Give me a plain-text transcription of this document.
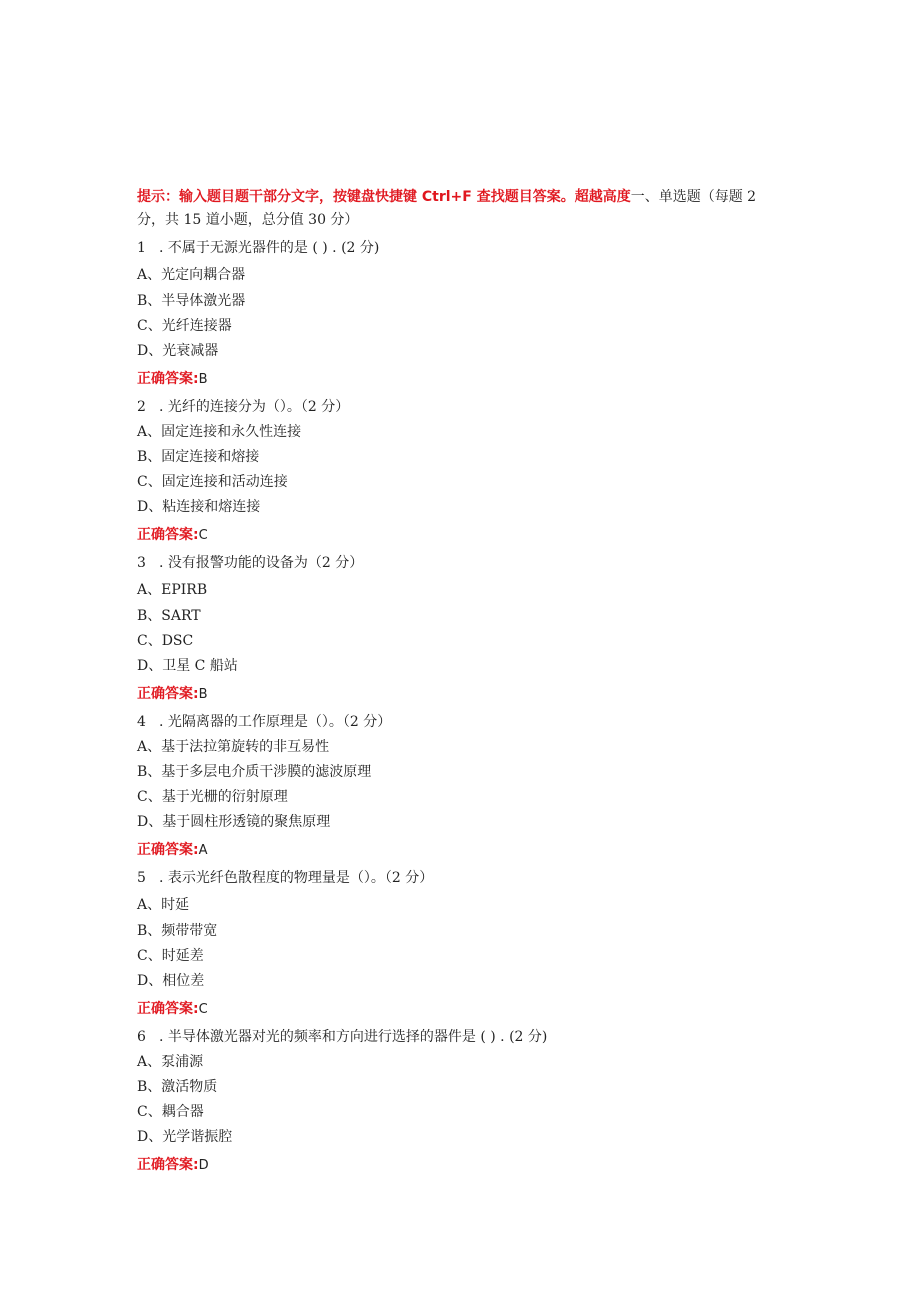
提示：输入题目题干部分文字，按键盘快捷键 Ctrl+F 查找题目答案。超越高度一、单选题（每题 2 分，共 15 道小题，总分值 30 分）
1 . 不属于无源光器件的是 ( ) . (2 分)
A、光定向耦合器
B、半导体激光器
C、光纤连接器
D、光衰减器
正确答案:B
2 . 光纤的连接分为（）。（2 分）
A、固定连接和永久性连接
B、固定连接和熔接
C、固定连接和活动连接
D、粘连接和熔连接
正确答案:C
3 . 没有报警功能的设备为（2 分）
A、EPIRB
B、SART
C、DSC
D、卫星 C 船站
正确答案:B
4 . 光隔离器的工作原理是（）。（2 分）
A、基于法拉第旋转的非互易性
B、基于多层电介质干涉膜的滤波原理
C、基于光栅的衍射原理
D、基于圆柱形透镜的聚焦原理
正确答案:A
5 . 表示光纤色散程度的物理量是（）。（2 分）
A、时延
B、频带带宽
C、时延差
D、相位差
正确答案:C
6 . 半导体激光器对光的频率和方向进行选择的器件是 ( ) . (2 分)
A、泵浦源
B、激活物质
C、耦合器
D、光学谐振腔
正确答案:D
